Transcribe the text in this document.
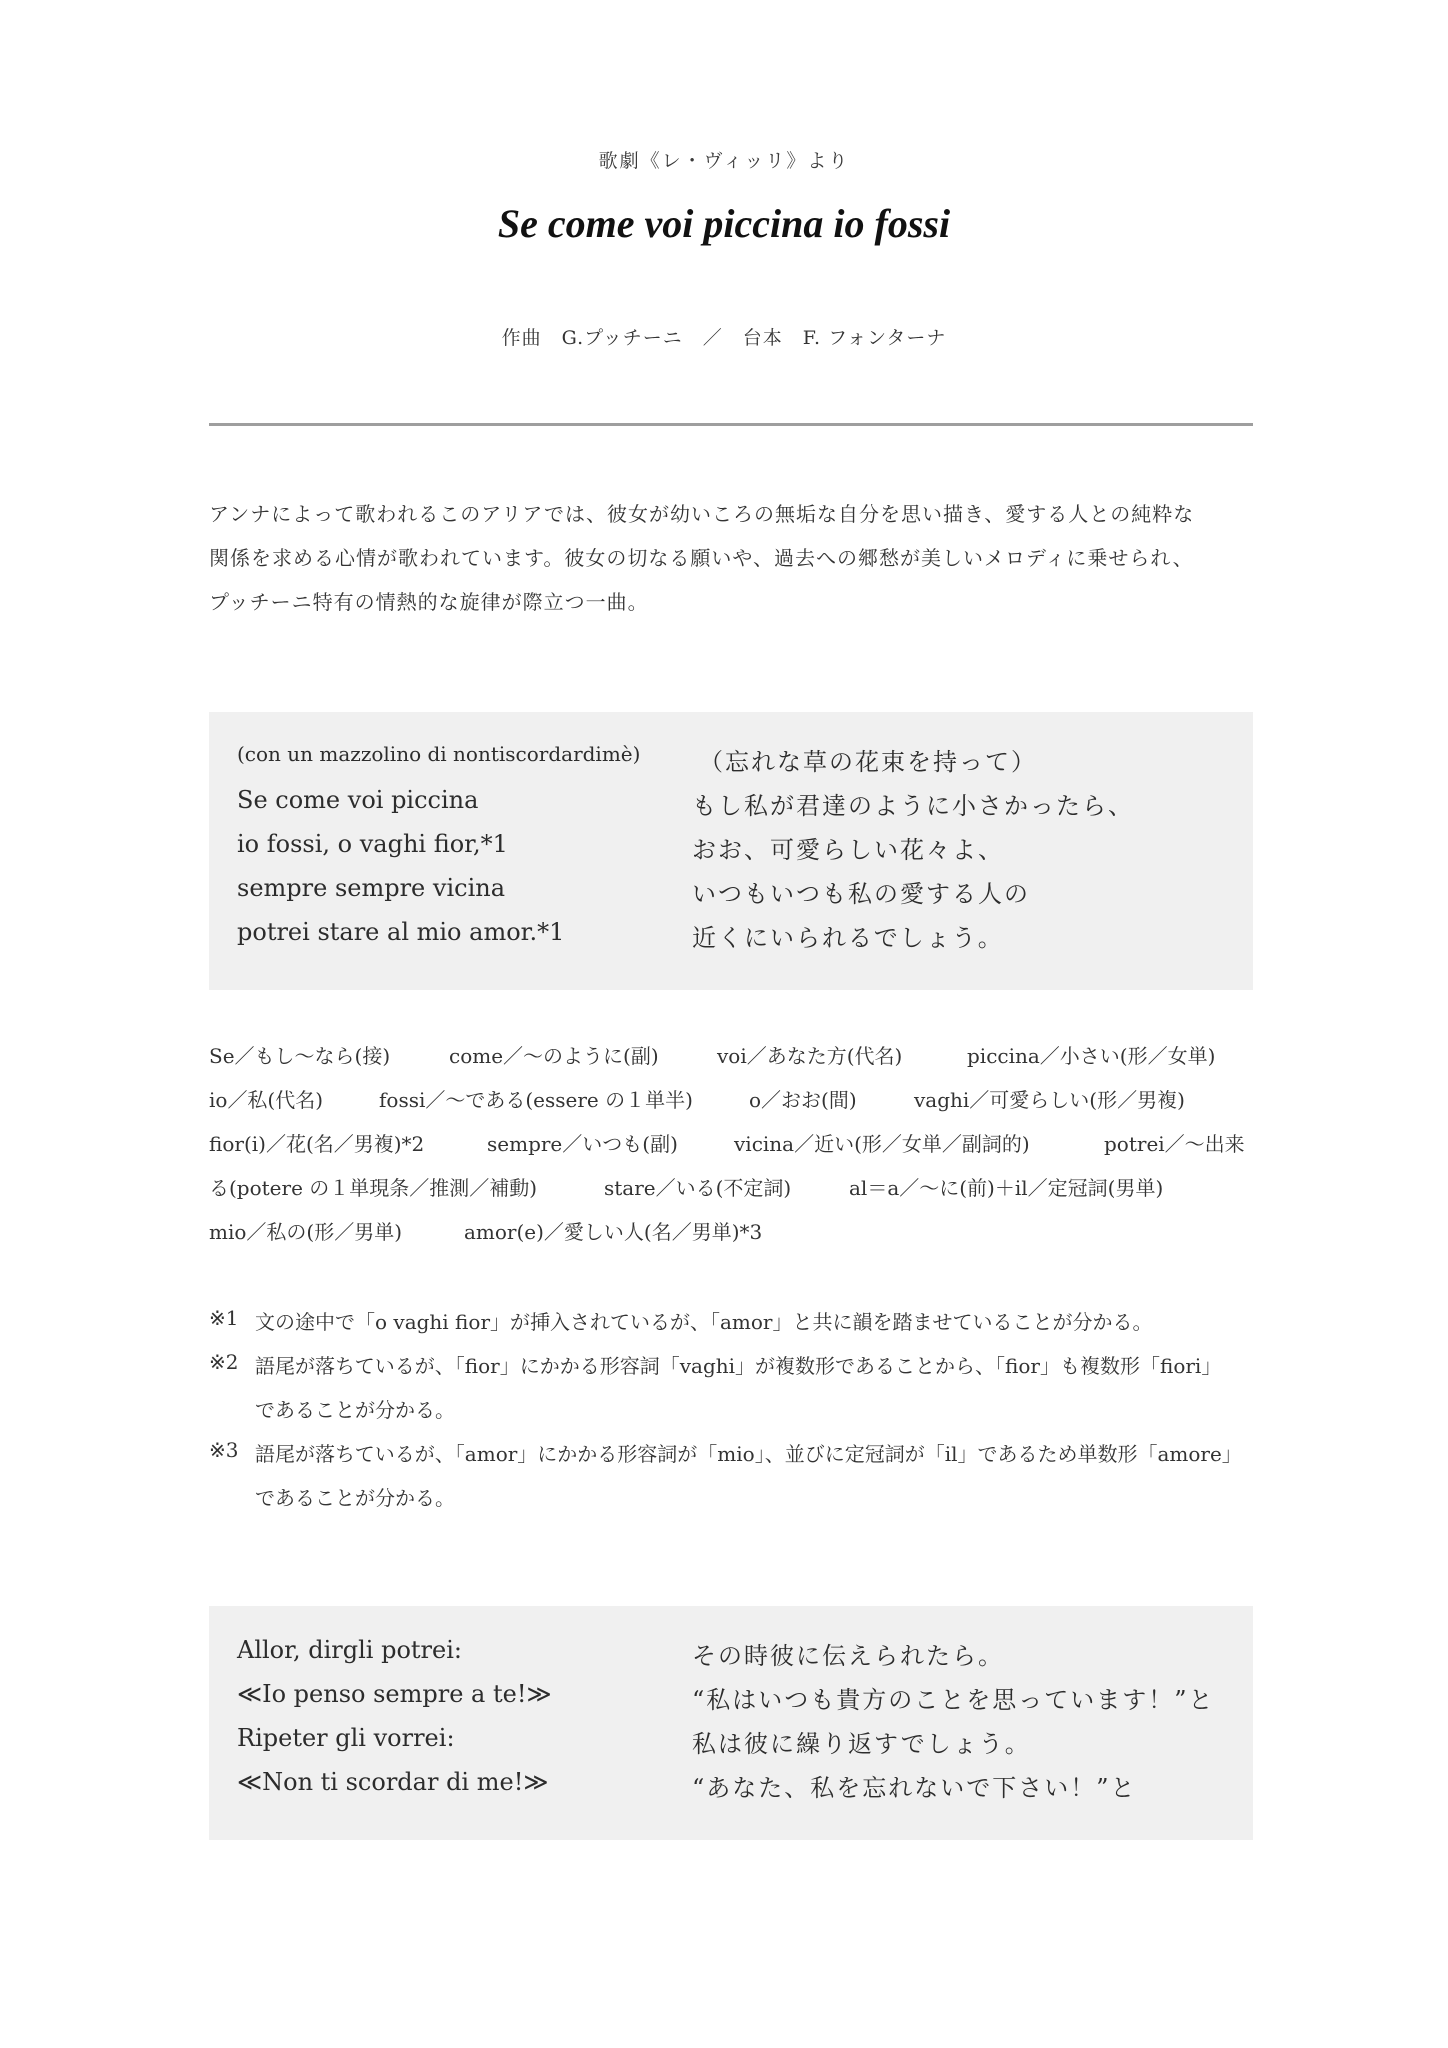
歌劇《レ・ヴィッリ》より
Se come voi piccina io fossi
作曲　G.プッチーニ　／　台本　F. フォンターナ
アンナによって歌われるこのアリアでは、彼女が幼いころの無垢な自分を思い描き、愛する人との純粋な
関係を求める心情が歌われています。彼女の切なる願いや、過去への郷愁が美しいメロディに乗せられ、
プッチーニ特有の情熱的な旋律が際立つ一曲。
(con un mazzolino di nontiscordardimè) （忘れな草の花束を持って）
Se come voi piccina	もし私が君達のように小さかったら、
io fossi, o vaghi fior,*1	おお、可愛らしい花々よ、
sempre sempre vicina	いつもいつも私の愛する人の
potrei stare al mio amor.*1	近くにいられるでしょう。
Se／もし〜なら(接)	come／〜のように(副)	voi／あなた方(代名)	piccina／小さい(形／女単)
io／私(代名)	fossi／〜である(essere の１単半)	o／おお(間)	vaghi／可愛らしい(形／男複)
fior(i)／花(名／男複)*2	sempre／いつも(副)	vicina／近い(形／女単／副詞的)	potrei／〜出来
る(potere の１単現条／推測／補動)	stare／いる(不定詞)	al＝a／〜に(前)＋il／定冠詞(男単)
mio／私の(形／男単)	amor(e)／愛しい人(名／男単)*3
※1 文の途中で「o vaghi fior」が挿入されているが、「amor」と共に韻を踏ませていることが分かる。
※2 語尾が落ちているが、「fior」にかかる形容詞「vaghi」が複数形であることから、「fior」も複数形「fiori」
であることが分かる。
※3 語尾が落ちているが、「amor」にかかる形容詞が「mio」、並びに定冠詞が「il」であるため単数形「amore」
であることが分かる。
Allor, dirgli potrei:	その時彼に伝えられたら。
≪Io penso sempre a te!≫	“私はいつも貴方のことを思っています！”と
Ripeter gli vorrei:	私は彼に繰り返すでしょう。
≪Non ti scordar di me!≫	“あなた、私を忘れないで下さい！”と
